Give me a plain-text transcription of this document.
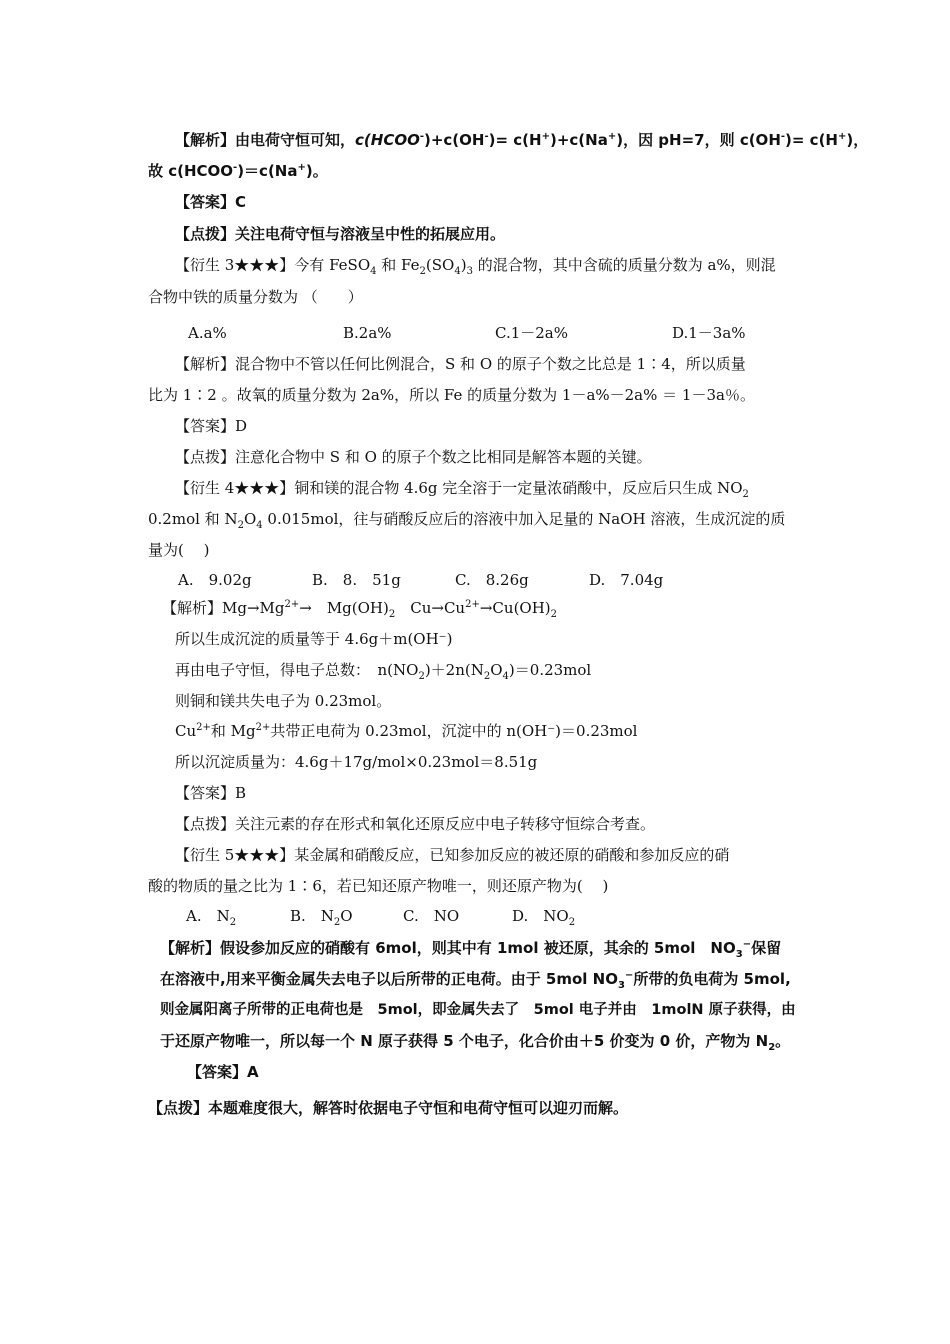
【解析】由电荷守恒可知，c(HCOO-)+c(OH-)= c(H+)+c(Na+)，因 pH=7，则 c(OH-)= c(H+)，
故 c(HCOO-)＝c(Na+)。
【答案】C
【点拨】关注电荷守恒与溶液呈中性的拓展应用。
【衍生 3★★★】今有 FeSO$_4$ 和 $Fe_2(SO_4)_3$ 的混合物，其中含硫的质量分数为 a%，则混
合物中铁的质量分数为 （　　）
A.a%	B.2a%	C.1－2a%	D.1－3a%
【解析】混合物中不管以任何比例混合，S 和 O 的原子个数之比总是 1∶4，所以质量
比为 1∶2 。故氧的质量分数为 2a%，所以 Fe 的质量分数为 1－a%－2a% ＝ 1－3a％。
【答案】D
【点拨】注意化合物中 S 和 O 的原子个数之比相同是解答本题的关键。
【衍生 4★★★】铜和镁的混合物 4.6g 完全溶于一定量浓硝酸中，反应后只生成 $NO_2$
0.2mol 和 $N_2O_4$ 0.015mol，往与硝酸反应后的溶液中加入足量的 NaOH 溶液，生成沉淀的质
量为(　 )
A.　9.02g	B.　8.　51g	C.　8.26g	D.　7.04g
【解析】$Mg\to Mg^{2+}\to$　$Mg(OH)_2$　$Cu\to Cu^{2+}\to Cu(OH)_2$
所以生成沉淀的质量等于 4.6g＋m(OH⁻)
再由电子守恒，得电子总数：　$n(NO_2)+2n(N_2O_4)=0.23mol$
则铜和镁共失电子为 0.23mol。
$Cu^{2+}$和 $Mg^{2+}$共带正电荷为 0.23mol，沉淀中的 n(OH⁻)＝0.23mol
所以沉淀质量为：4.6g＋17g/mol×0.23mol＝8.51g
【答案】B
【点拨】关注元素的存在形式和氧化还原反应中电子转移守恒综合考查。
【衍生 5★★★】某金属和硝酸反应，已知参加反应的被还原的硝酸和参加反应的硝
酸的物质的量之比为 1∶6，若已知还原产物唯一，则还原产物为(　 )
A.　$N_2$	B.　$N_2O$	C.　NO	D.　$NO_2$
【解析】假设参加反应的硝酸有 6mol，则其中有 1mol 被还原，其余的 5mol　$NO_3^-$保留
在溶液中,用来平衡金属失去电子以后所带的正电荷。由于 5mol $NO_3^-$所带的负电荷为 5mol,
则金属阳离子所带的正电荷也是　5mol，即金属失去了　5mol 电子并由　1molN 原子获得，由
于还原产物唯一，所以每一个 N 原子获得 5 个电子，化合价由＋5 价变为 0 价，产物为 $N_2$。
【答案】A
【点拨】本题难度很大，解答时依据电子守恒和电荷守恒可以迎刃而解。
